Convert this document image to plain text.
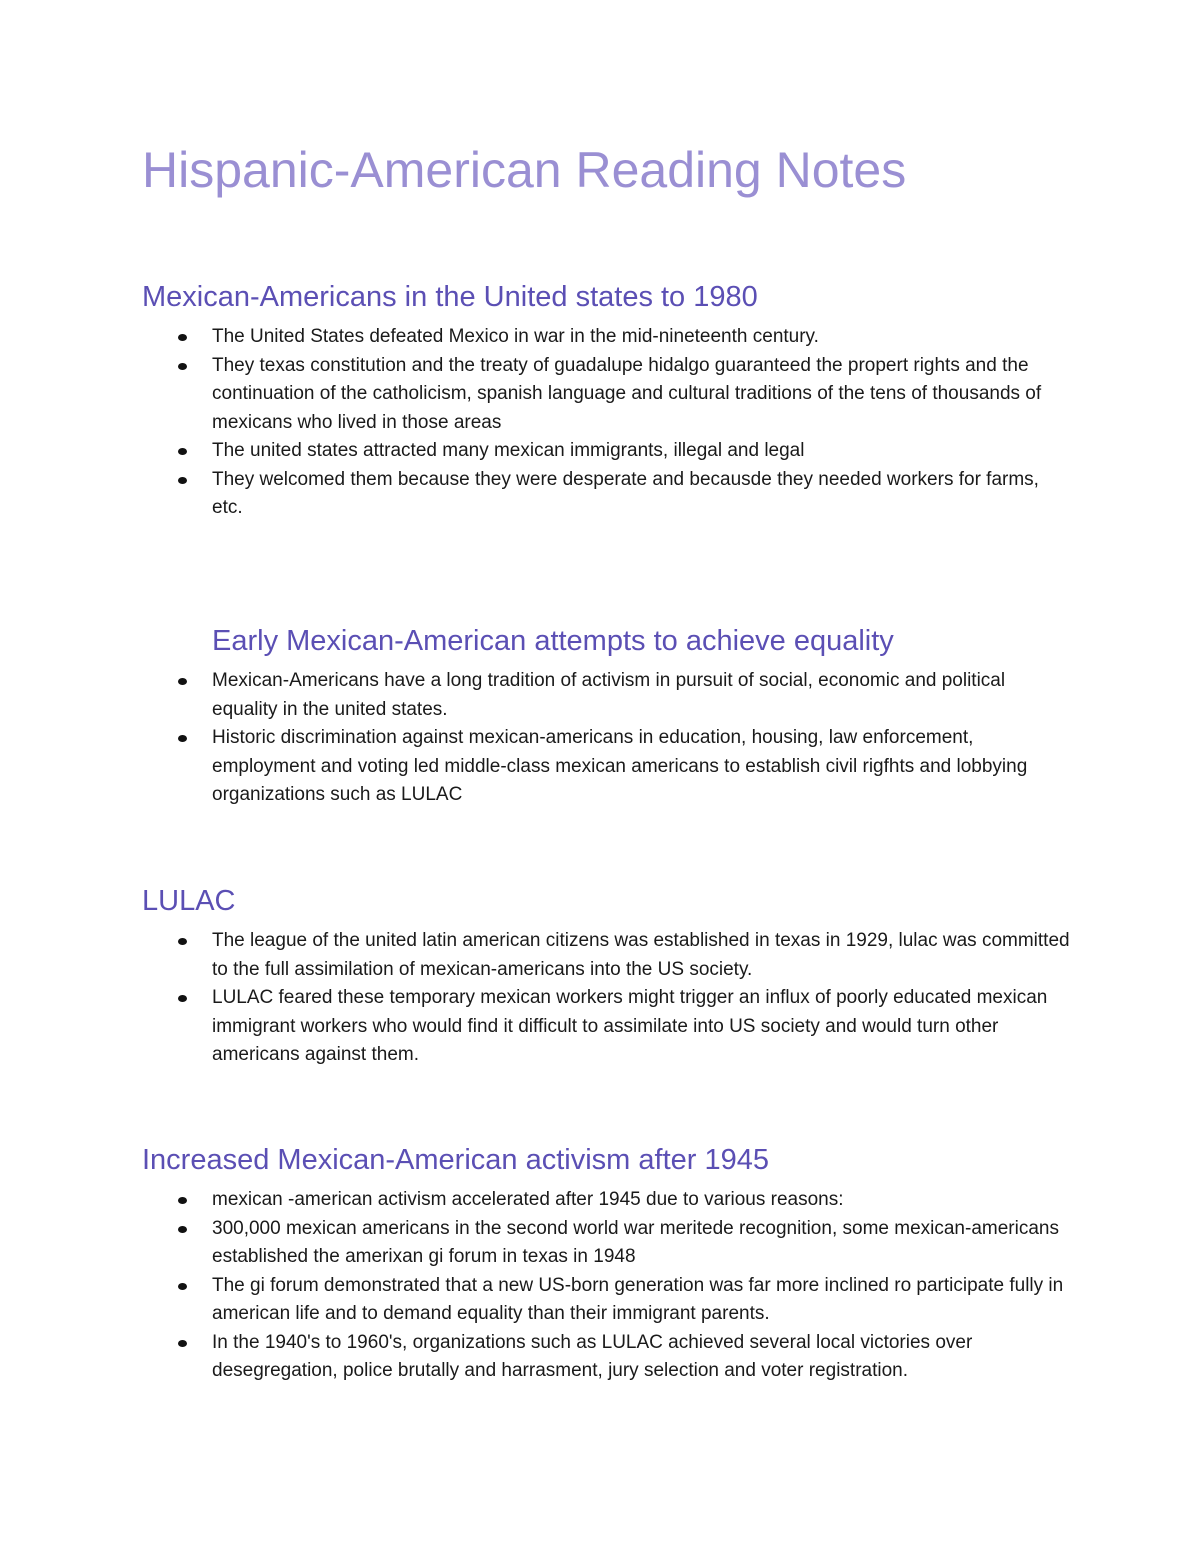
Hispanic-American Reading Notes
Mexican-Americans in the United states to 1980
The United States defeated Mexico in war in the mid-nineteenth century.
They texas constitution and the treaty of guadalupe hidalgo guaranteed the propert rights and the continuation of the catholicism, spanish language and cultural traditions of the tens of thousands of mexicans who lived in those areas
The united states attracted many mexican immigrants, illegal and legal
They welcomed them because they were desperate and becausde they needed workers for farms, etc.
Early Mexican-American attempts to achieve equality
Mexican-Americans have a long tradition of activism in pursuit of social, economic and political equality in the united states.
Historic discrimination against mexican-americans in education, housing, law enforcement, employment and voting led middle-class mexican americans to establish civil rigfhts and lobbying organizations such as LULAC
LULAC
The league of the united latin american citizens was established in texas in 1929, lulac was committed to the full assimilation of mexican-americans into the US society.
LULAC feared these temporary mexican workers might trigger an influx of poorly educated mexican immigrant workers who would find it difficult to assimilate into US society and would turn other americans against them.
Increased Mexican-American activism after 1945
mexican -american activism accelerated after 1945 due to various reasons:
300,000 mexican americans in the second world war meritede recognition, some mexican-americans established the amerixan gi forum in texas in 1948
The gi forum demonstrated that a new US-born generation was far more inclined ro participate fully in american life and to demand equality than their immigrant parents.
In the 1940's to 1960's, organizations such as LULAC achieved several local victories over desegregation, police brutally and harrasment, jury selection and voter registration.
